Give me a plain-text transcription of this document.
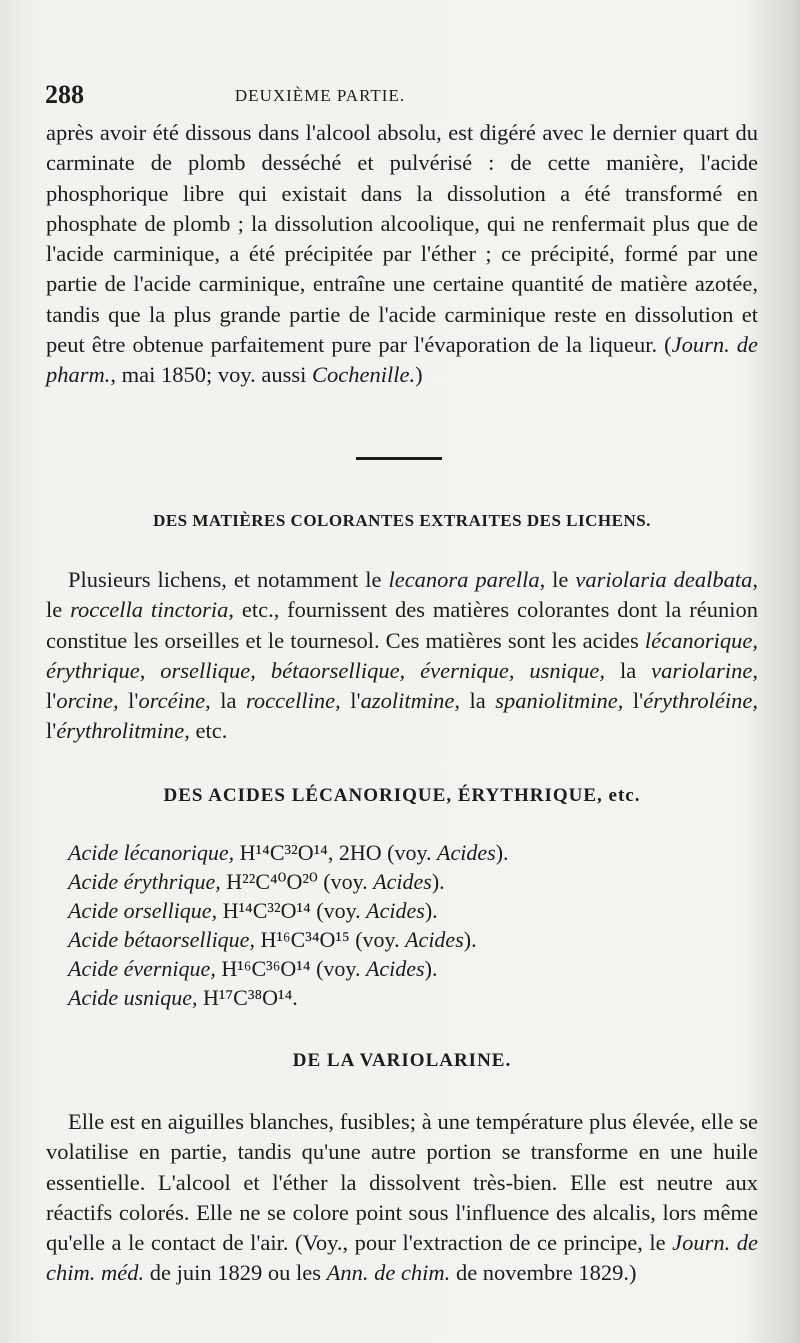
288	DEUXIÈME PARTIE.

après avoir été dissous dans l'alcool absolu, est digéré avec le dernier quart du carminate de plomb desséché et pulvérisé : de cette manière, l'acide phosphorique libre qui existait dans la dissolution a été transformé en phosphate de plomb ; la dissolution alcoolique, qui ne renfermait plus que de l'acide carminique, a été précipitée par l'éther ; ce précipité, formé par une partie de l'acide carminique, entraîne une certaine quantité de matière azotée, tandis que la plus grande partie de l'acide carminique reste en dissolution et peut être obtenue parfaitement pure par l'évaporation de la liqueur. (Journ. de pharm., mai 1850; voy. aussi Cochenille.)

DES MATIÈRES COLORANTES EXTRAITES DES LICHENS.

Plusieurs lichens, et notamment le lecanora parella, le variolaria dealbata, le roccella tinctoria, etc., fournissent des matières colorantes dont la réunion constitue les orseilles et le tournesol. Ces matières sont les acides lécanorique, érythrique, orsellique, bétaorsellique, évernique, usnique, la variolarine, l'orcine, l'orcéine, la roccelline, l'azolitmine, la spaniolitmine, l'érythroléine, l'érythrolitmine, etc.

DES ACIDES LÉCANORIQUE, ÉRYTHRIQUE, etc.
Acide lécanorique, H¹⁴C³²O¹⁴, 2HO (voy. Acides).
Acide érythrique, H²²C⁴⁰O²⁰ (voy. Acides).
Acide orsellique, H¹⁴C³²O¹⁴ (voy. Acides).
Acide bétaorsellique, H¹⁶C³⁴O¹⁵ (voy. Acides).
Acide évernique, H¹⁶C³⁶O¹⁴ (voy. Acides).
Acide usnique, H¹⁷C³⁸O¹⁴.
DE LA VARIOLARINE.

Elle est en aiguilles blanches, fusibles; à une température plus élevée, elle se volatilise en partie, tandis qu'une autre portion se transforme en une huile essentielle. L'alcool et l'éther la dissolvent très-bien. Elle est neutre aux réactifs colorés. Elle ne se colore point sous l'influence des alcalis, lors même qu'elle a le contact de l'air. (Voy., pour l'extraction de ce principe, le Journ. de chim. méd. de juin 1829 ou les Ann. de chim. de novembre 1829.)
